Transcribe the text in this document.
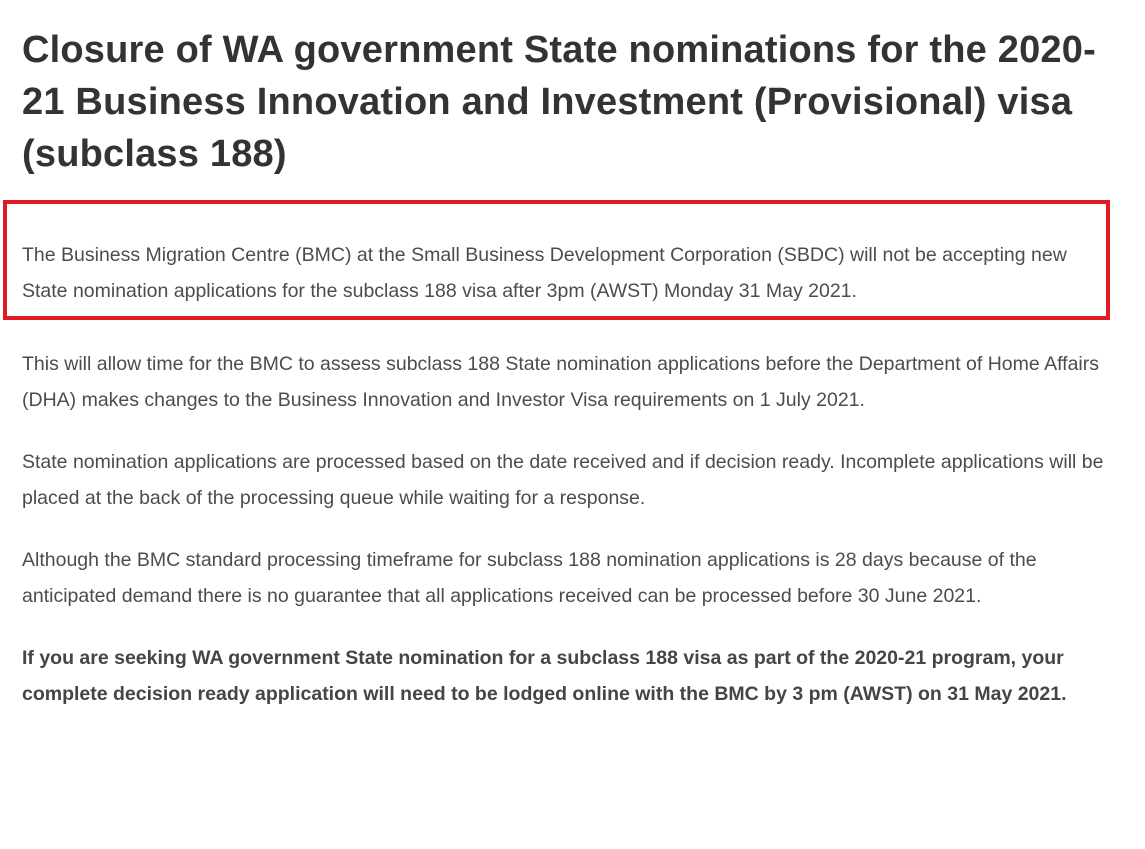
Closure of WA government State nominations for the 2020-21 Business Innovation and Investment (Provisional) visa (subclass 188)

The Business Migration Centre (BMC) at the Small Business Development Corporation (SBDC) will not be accepting new State nomination applications for the subclass 188 visa after 3pm (AWST) Monday 31 May 2021.

This will allow time for the BMC to assess subclass 188 State nomination applications before the Department of Home Affairs (DHA) makes changes to the Business Innovation and Investor Visa requirements on 1 July 2021.

State nomination applications are processed based on the date received and if decision ready. Incomplete applications will be placed at the back of the processing queue while waiting for a response.

Although the BMC standard processing timeframe for subclass 188 nomination applications is 28 days because of the anticipated demand there is no guarantee that all applications received can be processed before 30 June 2021.

If you are seeking WA government State nomination for a subclass 188 visa as part of the 2020-21 program, your complete decision ready application will need to be lodged online with the BMC by 3 pm (AWST) on 31 May 2021.
